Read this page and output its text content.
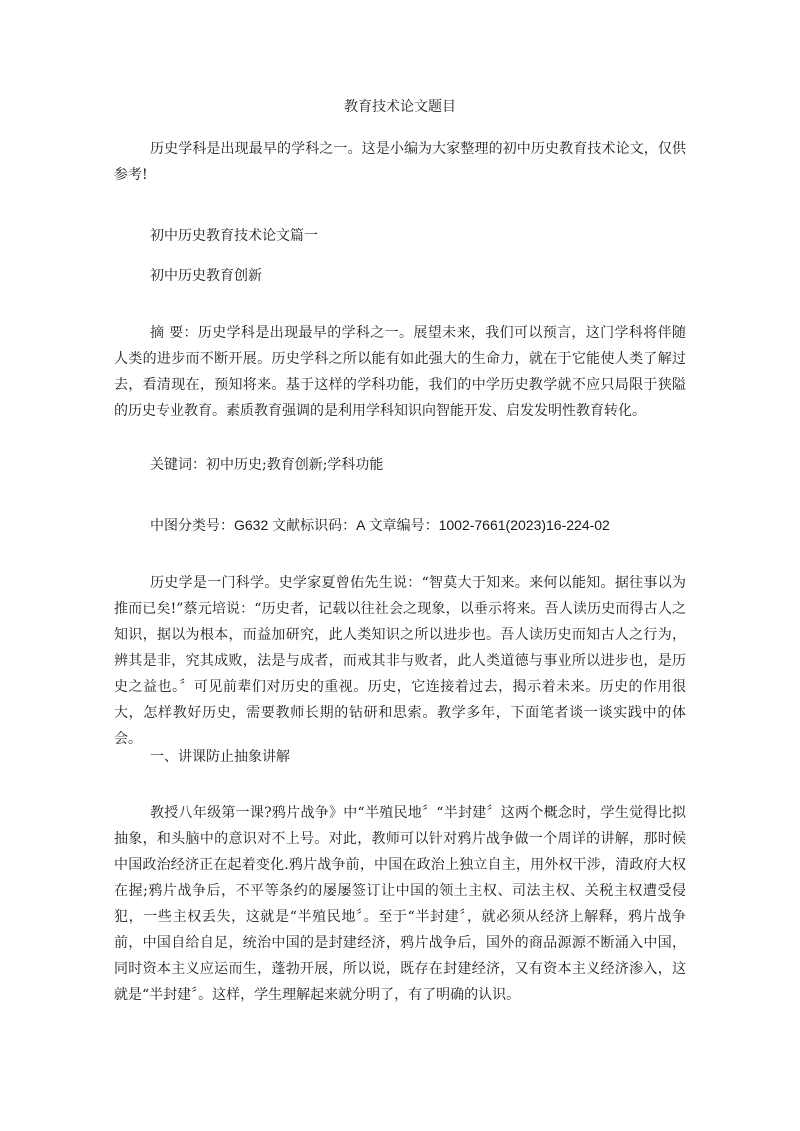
教育技术论文题目

历史学科是出现最早的学科之一。这是小编为大家整理的初中历史教育技术论文，仅供参考!

初中历史教育技术论文篇一

初中历史教育创新

摘 要：历史学科是出现最早的学科之一。展望未来，我们可以预言，这门学科将伴随人类的进步而不断开展。历史学科之所以能有如此强大的生命力，就在于它能使人类了解过去，看清现在，预知将来。基于这样的学科功能，我们的中学历史教学就不应只局限于狭隘的历史专业教育。素质教育强调的是利用学科知识向智能开发、启发发明性教育转化。

关键词：初中历史;教育创新;学科功能

中图分类号：G632 文献标识码：A 文章编号：1002-7661(2023)16-224-02

历史学是一门科学。史学家夏曾佑先生说：“智莫大于知来。来何以能知。据往事以为推而已矣!”蔡元培说：“历史者，记载以往社会之现象，以垂示将来。吾人读历史而得古人之知识，据以为根本，而益加研究，此人类知识之所以进步也。吾人读历史而知古人之行为，辨其是非，究其成败，法是与成者，而戒其非与败者，此人类道德与事业所以进步也，是历史之益也。〞可见前辈们对历史的重视。历史，它连接着过去，揭示着未来。历史的作用很大，怎样教好历史，需要教师长期的钻研和思索。教学多年，下面笔者谈一谈实践中的体会。

一、讲课防止抽象讲解

教授八年级第一课?鸦片战争》中“半殖民地〞“半封建〞这两个概念时，学生觉得比拟抽象，和头脑中的意识对不上号。对此，教师可以针对鸦片战争做一个周详的讲解，那时候中国政治经济正在起着变化.鸦片战争前，中国在政治上独立自主，用外权干涉，清政府大权在握;鸦片战争后，不平等条约的屡屡签订让中国的领土主权、司法主权、关税主权遭受侵犯，一些主权丢失，这就是“半殖民地〞。至于“半封建〞，就必须从经济上解释，鸦片战争前，中国自给自足，统治中国的是封建经济，鸦片战争后，国外的商品源源不断涌入中国，同时资本主义应运而生，蓬勃开展，所以说，既存在封建经济，又有资本主义经济渗入，这就是“半封建〞。这样，学生理解起来就分明了，有了明确的认识。
